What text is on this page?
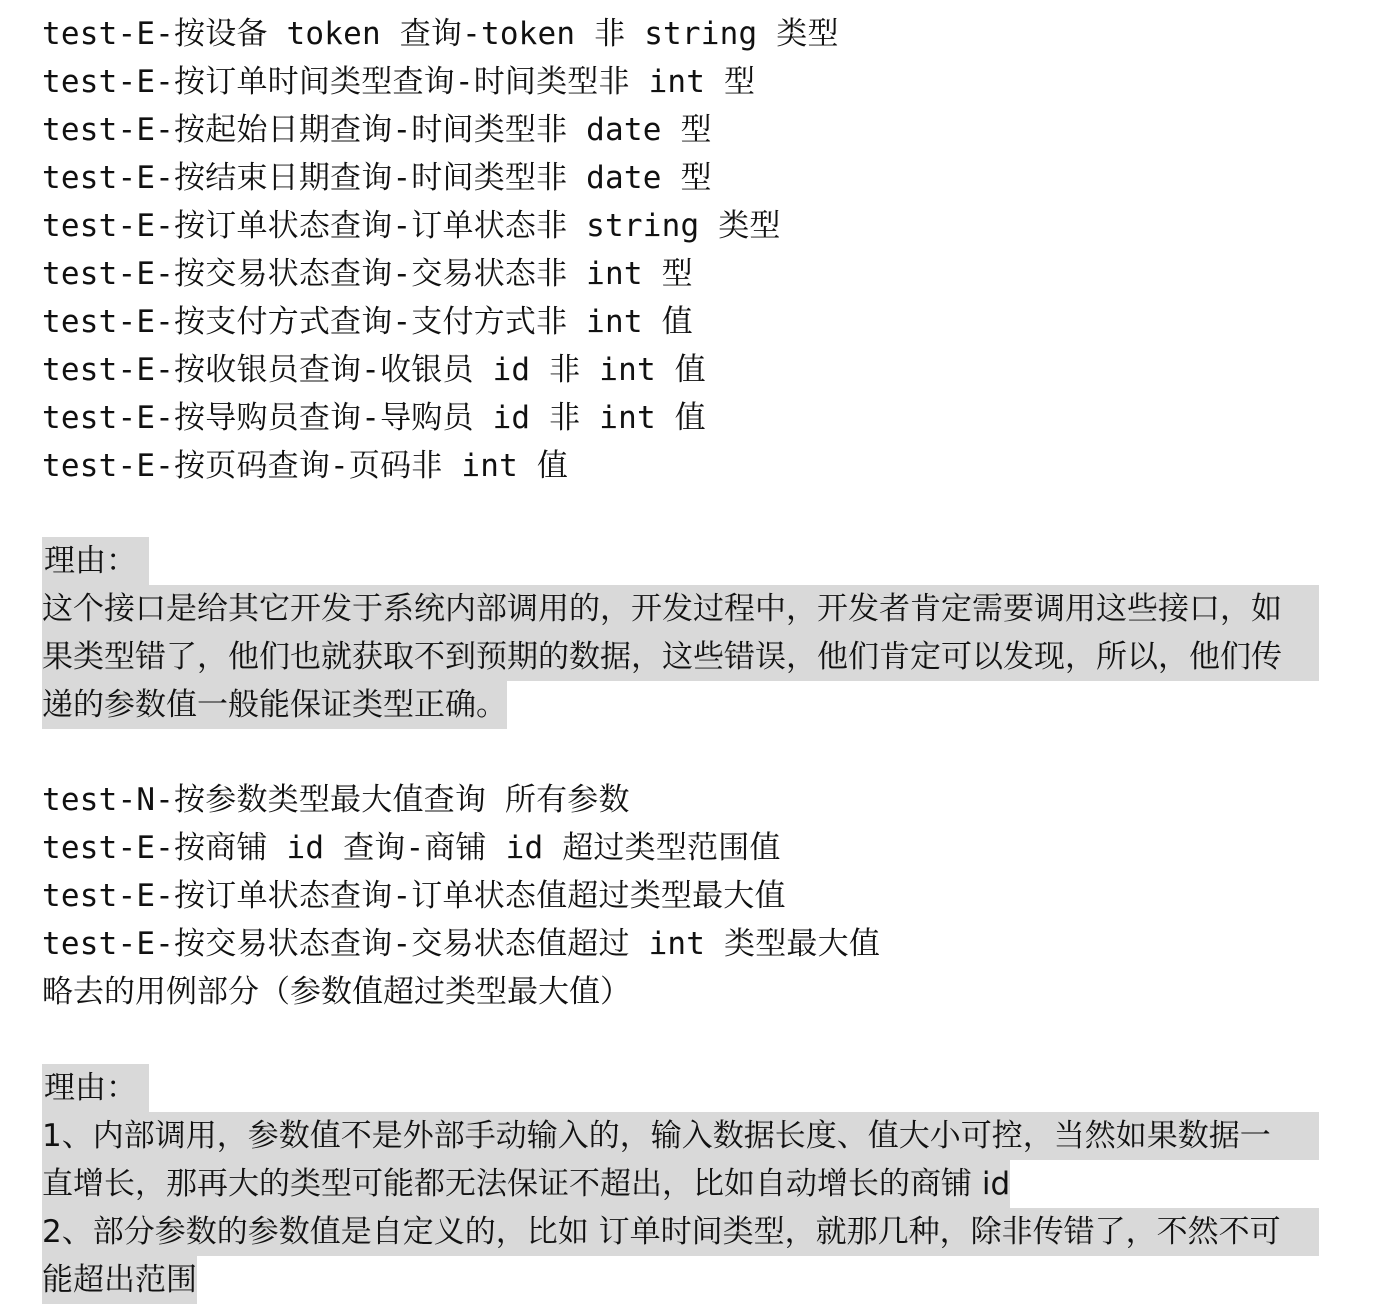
test-E-按设备 token 查询-token 非 string 类型
test-E-按订单时间类型查询-时间类型非 int 型
test-E-按起始日期查询-时间类型非 date 型
test-E-按结束日期查询-时间类型非 date 型
test-E-按订单状态查询-订单状态非 string 类型
test-E-按交易状态查询-交易状态非 int 型
test-E-按支付方式查询-支付方式非 int 值
test-E-按收银员查询-收银员 id 非 int 值
test-E-按导购员查询-导购员 id 非 int 值
test-E-按页码查询-页码非 int 值
理由：
这个接口是给其它开发于系统内部调用的，开发过程中，开发者肯定需要调用这些接口，如
果类型错了，他们也就获取不到预期的数据，这些错误，他们肯定可以发现，所以，他们传
递的参数值一般能保证类型正确。
test-N-按参数类型最大值查询 所有参数
test-E-按商铺 id 查询-商铺 id 超过类型范围值
test-E-按订单状态查询-订单状态值超过类型最大值
test-E-按交易状态查询-交易状态值超过 int 类型最大值
略去的用例部分（参数值超过类型最大值）
理由：
1、内部调用，参数值不是外部手动输入的，输入数据长度、值大小可控，当然如果数据一
直增长，那再大的类型可能都无法保证不超出，比如自动增长的商铺 id
2、部分参数的参数值是自定义的，比如 订单时间类型，就那几种，除非传错了，不然不可
能超出范围
